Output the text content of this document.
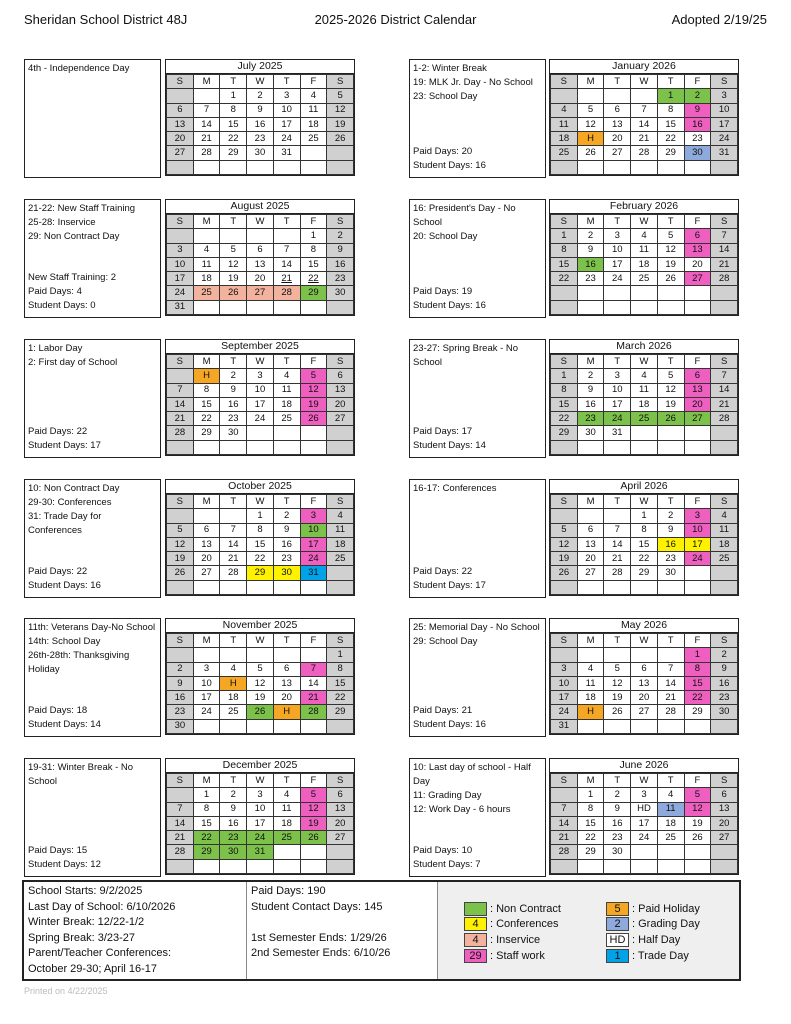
Sheridan School District 48J	2025-2026 District Calendar	Adopted 2/19/25
4th - Independence Day	July 2025
S	M	T	W	T	F	S
		1	2	3	4	5
6	7	8	9	10	11	12
13	14	15	16	17	18	19
20	21	22	23	24	25	26
27	28	29	30	31		

21-22: New Staff Training
25-28: Inservice
29: Non Contract Day
New Staff Training: 2
Paid Days: 4
Student Days: 0
August 2025
S	M	T	W	T	F	S
					1	2
3	4	5	6	7	8	9
10	11	12	13	14	15	16
17	18	19	20	21	22	23
24	25	26	27	28	29	30
31						
1: Labor Day
2: First day of School
Paid Days: 22
Student Days: 17
September 2025
S	M	T	W	T	F	S
	H	2	3	4	5	6
7	8	9	10	11	12	13
14	15	16	17	18	19	20
21	22	23	24	25	26	27
28	29	30				

10: Non Contract Day
29-30: Conferences
31: Trade Day for Conferences
Paid Days: 22
Student Days: 16
October 2025
S	M	T	W	T	F	S
			1	2	3	4
5	6	7	8	9	10	11
12	13	14	15	16	17	18
19	20	21	22	23	24	25
26	27	28	29	30	31	

11th: Veterans Day-No School
14th: School Day
26th-28th: Thanksgiving Holiday
Paid Days: 18
Student Days: 14
November 2025
S	M	T	W	T	F	S
						1
2	3	4	5	6	7	8
9	10	H	12	13	14	15
16	17	18	19	20	21	22
23	24	25	26	H	28	29
30						
19-31: Winter Break - No School
Paid Days: 15
Student Days: 12
December 2025
S	M	T	W	T	F	S
	1	2	3	4	5	6
7	8	9	10	11	12	13
14	15	16	17	18	19	20
21	22	23	24	25	26	27
28	29	30	31			

1-2: Winter Break
19: MLK Jr. Day - No School
23: School Day
Paid Days: 20
Student Days: 16
January 2026
S	M	T	W	T	F	S
				1	2	3
4	5	6	7	8	9	10
11	12	13	14	15	16	17
18	H	20	21	22	23	24
25	26	27	28	29	30	31

16: President's Day - No School
20: School Day
Paid Days: 19
Student Days: 16
February 2026
S	M	T	W	T	F	S
1	2	3	4	5	6	7
8	9	10	11	12	13	14
15	16	17	18	19	20	21
22	23	24	25	26	27	28

23-27: Spring Break - No School
Paid Days: 17
Student Days: 14
March 2026
S	M	T	W	T	F	S
1	2	3	4	5	6	7
8	9	10	11	12	13	14
15	16	17	18	19	20	21
22	23	24	25	26	27	28
29	30	31				

16-17: Conferences
Paid Days: 22
Student Days: 17
April 2026
S	M	T	W	T	F	S
			1	2	3	4
5	6	7	8	9	10	11
12	13	14	15	16	17	18
19	20	21	22	23	24	25
26	27	28	29	30		

25: Memorial Day - No School
29: School Day
Paid Days: 21
Student Days: 16
May 2026
S	M	T	W	T	F	S
					1	2
3	4	5	6	7	8	9
10	11	12	13	14	15	16
17	18	19	20	21	22	23
24	H	26	27	28	29	30
31						
10: Last day of school - Half Day
11: Grading Day
12: Work Day - 6 hours
Paid Days: 10
Student Days: 7
June 2026
S	M	T	W	T	F	S
	1	2	3	4	5	6
7	8	9	HD	11	12	13
14	15	16	17	18	19	20
21	22	23	24	25	26	27
28	29	30				

School Starts: 9/2/2025
Last Day of School: 6/10/2026
Winter Break: 12/22-1/2
Spring Break: 3/23-27
Parent/Teacher Conferences:
October 29-30; April 16-17
Paid Days: 190
Student Contact Days: 145
1st Semester Ends: 1/29/26
2nd Semester Ends: 6/10/26
: Non Contract
4	: Conferences
4	: Inservice
29 : Staff work
5	: Paid Holiday
2	: Grading Day
HD : Half Day
1	: Trade Day
Printed on 4/22/2025
